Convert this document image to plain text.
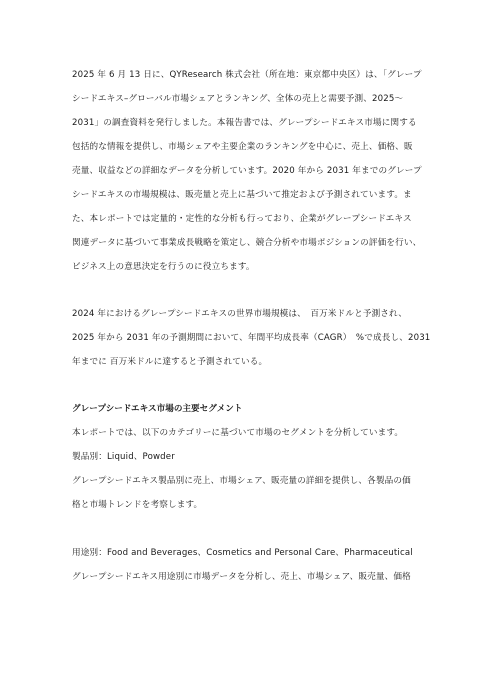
2025 年 6 月 13 日に、QYResearch 株式会社（所在地：東京都中央区）は、「グレープ
シードエキス–グローバル市場シェアとランキング、全体の売上と需要予測、2025～
2031」の調査資料を発行しました。本報告書では、グレープシードエキス市場に関する
包括的な情報を提供し、市場シェアや主要企業のランキングを中心に、売上、価格、販
売量、収益などの詳細なデータを分析しています。2020 年から 2031 年までのグレープ
シードエキスの市場規模は、販売量と売上に基づいて推定および予測されています。ま
た、本レポートでは定量的・定性的な分析も行っており、企業がグレープシードエキス
関連データに基づいて事業成長戦略を策定し、競合分析や市場ポジションの評価を行い、
ビジネス上の意思決定を行うのに役立ちます。

2024 年におけるグレープシードエキスの世界市場規模は、　百万米ドルと予測され、
2025 年から 2031 年の予測期間において、年間平均成長率（CAGR）　%で成長し、2031
年までに 百万米ドルに達すると予測されている。

グレープシードエキス市場の主要セグメント

本レポートでは、以下のカテゴリーに基づいて市場のセグメントを分析しています。

製品別：Liquid、Powder

グレープシードエキス製品別に売上、市場シェア、販売量の詳細を提供し、各製品の価
格と市場トレンドを考察します。

用途別：Food and Beverages、Cosmetics and Personal Care、Pharmaceutical

グレープシードエキス用途別に市場データを分析し、売上、市場シェア、販売量、価格
